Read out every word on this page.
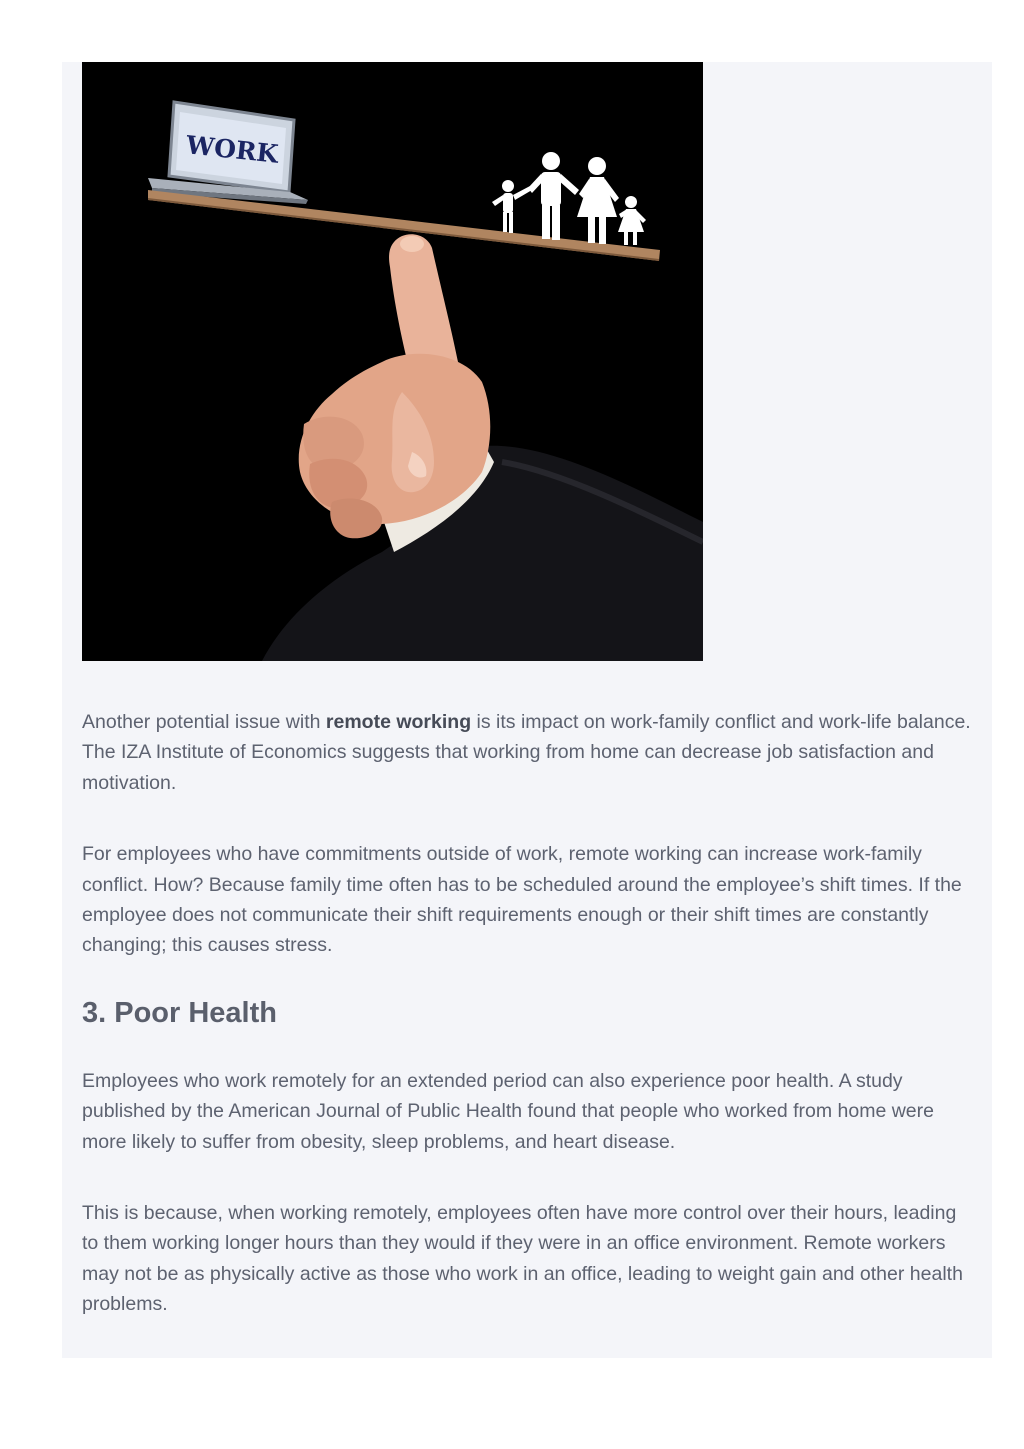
WORK

Another potential issue with remote working is its impact on work-family conflict and work-life balance. The IZA Institute of Economics suggests that working from home can decrease job satisfaction and motivation.

For employees who have commitments outside of work, remote working can increase work-family conflict. How? Because family time often has to be scheduled around the employee’s shift times. If the employee does not communicate their shift requirements enough or their shift times are constantly changing; this causes stress.

3. Poor Health

Employees who work remotely for an extended period can also experience poor health. A study published by the American Journal of Public Health found that people who worked from home were more likely to suffer from obesity, sleep problems, and heart disease.

This is because, when working remotely, employees often have more control over their hours, leading to them working longer hours than they would if they were in an office environment. Remote workers may not be as physically active as those who work in an office, leading to weight gain and other health problems.
